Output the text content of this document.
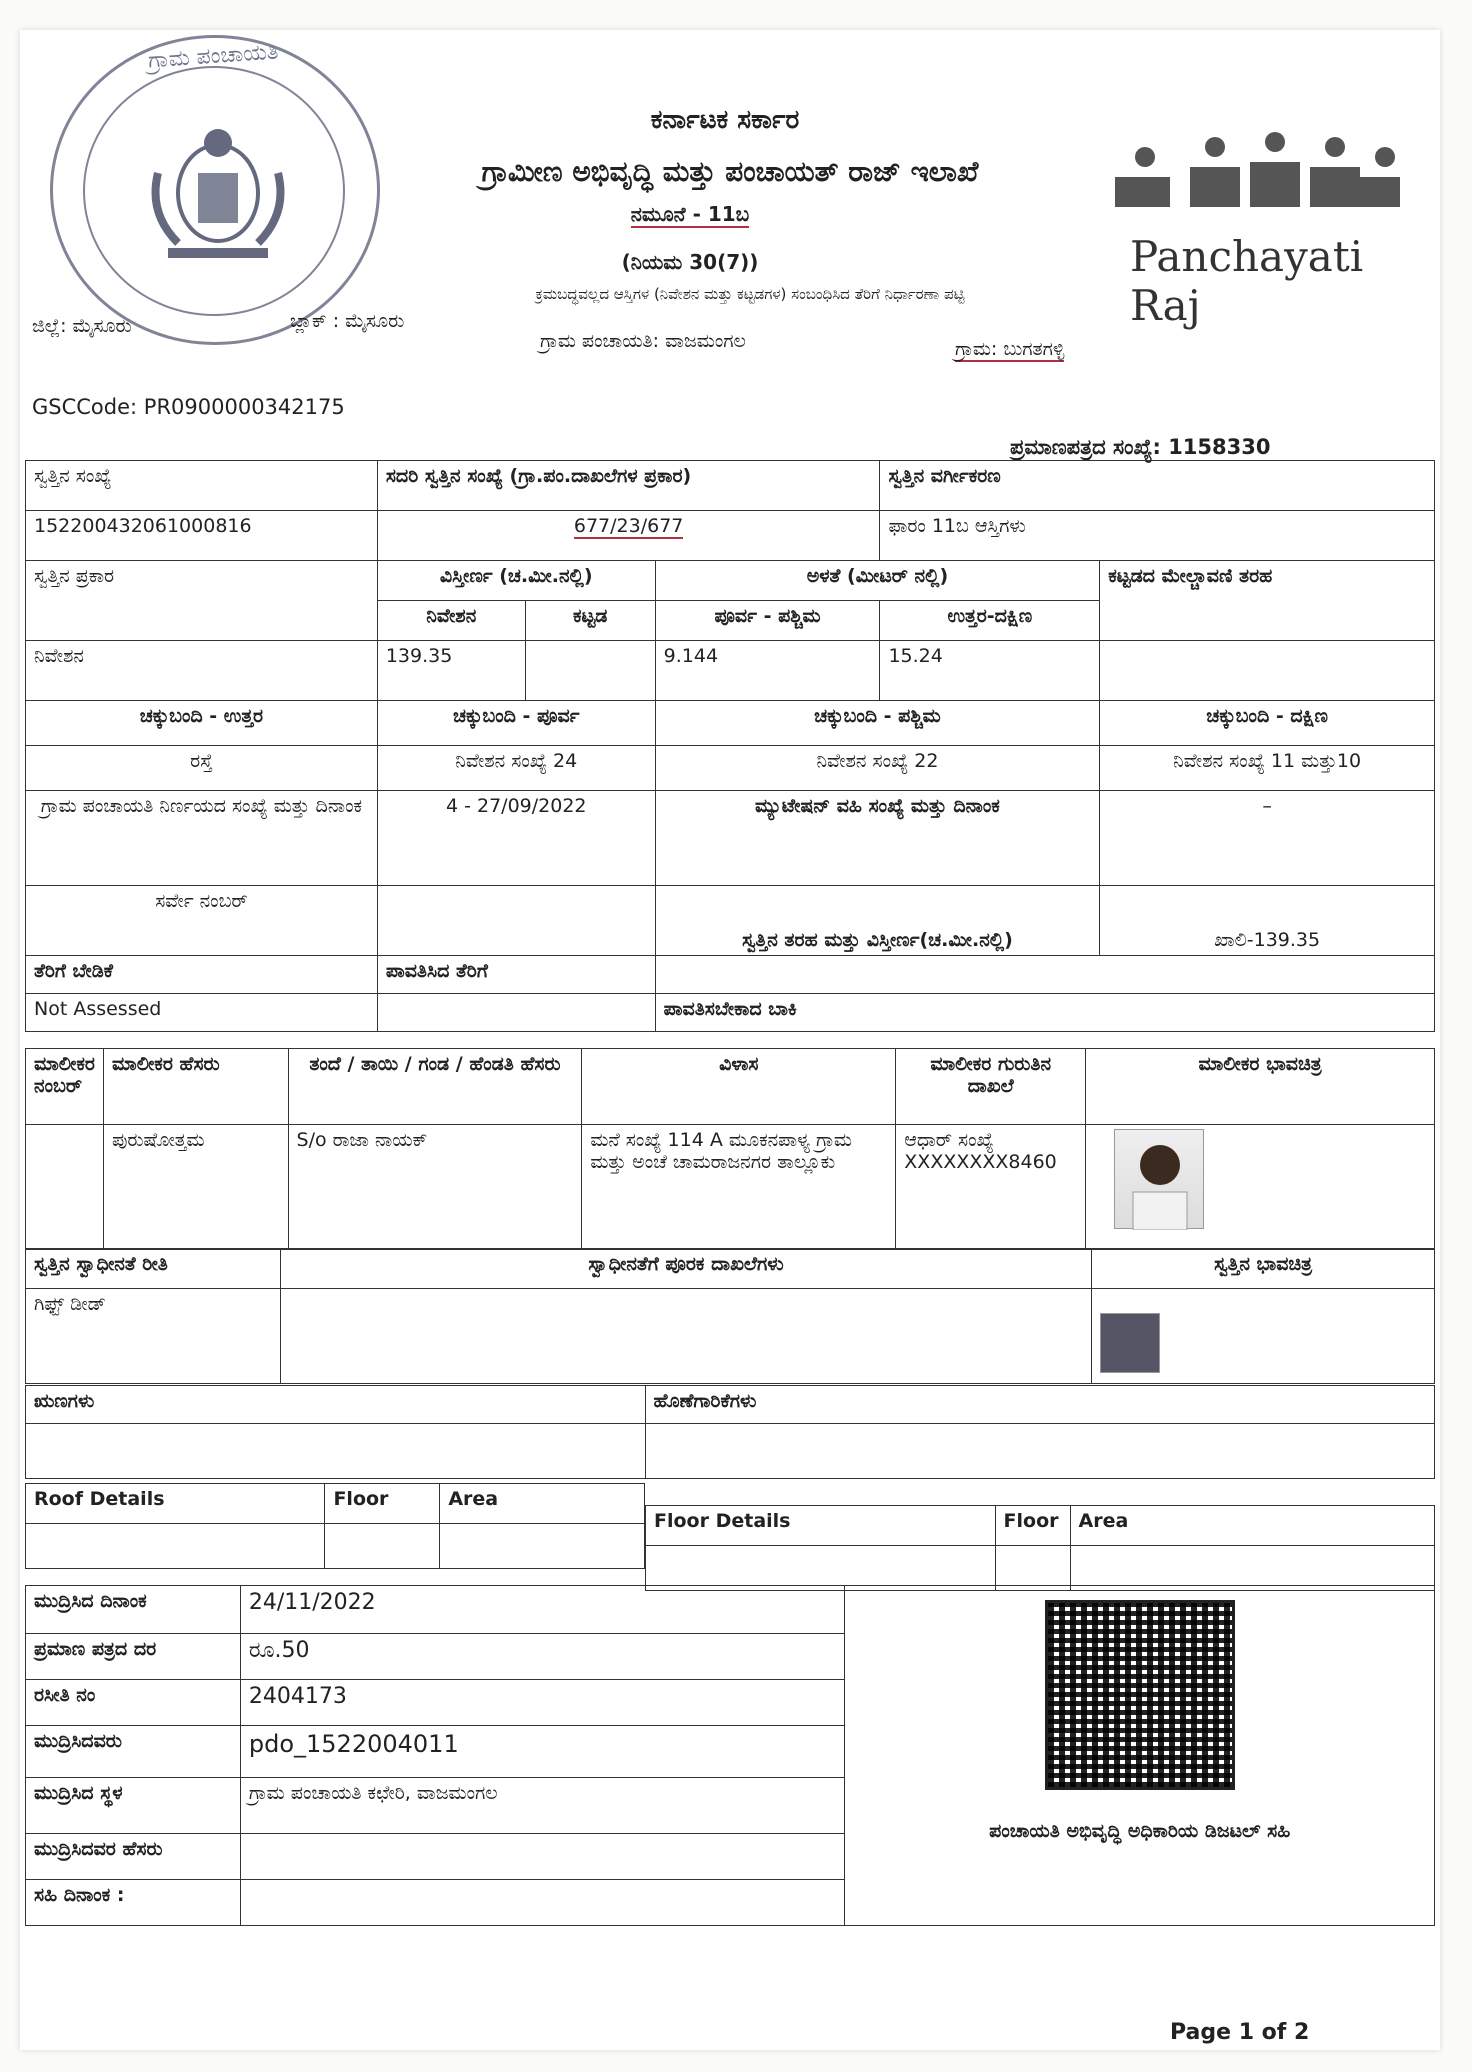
ಗ್ರಾಮ ಪಂಚಾಯತಿ
ಕರ್ನಾಟಕ ಸರ್ಕಾರ
ಗ್ರಾಮೀಣ ಅಭಿವೃದ್ಧಿ ಮತ್ತು ಪಂಚಾಯತ್ ರಾಜ್ ಇಲಾಖೆ
ನಮೂನೆ - 11ಬ
(ನಿಯಮ 30(7))
ಕ್ರಮಬದ್ಧವಲ್ಲದ ಆಸ್ತಿಗಳ (ನಿವೇಶನ ಮತ್ತು ಕಟ್ಟಡಗಳ) ಸಂಬಂಧಿಸಿದ ತೆರಿಗೆ ನಿರ್ಧಾರಣಾ ಪಟ್ಟಿ
Panchayati Raj
ಜಿಲ್ಲೆ: ಮೈಸೂರು	ಬ್ಲಾಕ್ : ಮೈಸೂರು
ಗ್ರಾಮ ಪಂಚಾಯತಿ: ವಾಜಮಂಗಲ	ಗ್ರಾಮ: ಬುಗತಗಳ್ಳಿ
GSCCode: PR0900000342175
ಪ್ರಮಾಣಪತ್ರದ ಸಂಖ್ಯೆ: 1158330
ಸ್ವತ್ತಿನ ಸಂಖ್ಯೆ	ಸದರಿ ಸ್ವತ್ತಿನ ಸಂಖ್ಯೆ (ಗ್ರಾ.ಪಂ.ದಾಖಲೆಗಳ ಪ್ರಕಾರ)			ಸ್ವತ್ತಿನ ವರ್ಗೀಕರಣ	
152200432061000816	677/23/677			ಫಾರಂ 11ಬ ಆಸ್ತಿಗಳು	
ಸ್ವತ್ತಿನ ಪ್ರಕಾರ	ವಿಸ್ತೀರ್ಣ (ಚ.ಮೀ.ನಲ್ಲಿ)		ಅಳತೆ (ಮೀಟರ್ ನಲ್ಲಿ)		ಕಟ್ಟಡದ ಮೇಲ್ಚಾವಣಿ ತರಹ
	ನಿವೇಶನ	ಕಟ್ಟಡ	ಪೂರ್ವ - ಪಶ್ಚಿಮ	ಉತ್ತರ-ದಕ್ಷಿಣ	
ನಿವೇಶನ	139.35		9.144	15.24	
ಚಕ್ಕುಬಂದಿ - ಉತ್ತರ	ಚಕ್ಕುಬಂದಿ - ಪೂರ್ವ		ಚಕ್ಕುಬಂದಿ - ಪಶ್ಚಿಮ		ಚಕ್ಕುಬಂದಿ - ದಕ್ಷಿಣ
ರಸ್ತೆ	ನಿವೇಶನ ಸಂಖ್ಯೆ 24		ನಿವೇಶನ ಸಂಖ್ಯೆ 22		ನಿವೇಶನ ಸಂಖ್ಯೆ 11 ಮತ್ತು10
ಗ್ರಾಮ ಪಂಚಾಯತಿ ನಿರ್ಣಯದ ಸಂಖ್ಯೆ ಮತ್ತು ದಿನಾಂಕ	4 - 27/09/2022		ಮ್ಯುಟೇಷನ್ ವಹಿ ಸಂಖ್ಯೆ ಮತ್ತು ದಿನಾಂಕ		–
ಸರ್ವೇ ನಂಬರ್			ಸ್ವತ್ತಿನ ತರಹ ಮತ್ತು ವಿಸ್ತೀರ್ಣ(ಚ.ಮೀ.ನಲ್ಲಿ)		ಖಾಲಿ-139.35
ತೆರಿಗೆ ಬೇಡಿಕೆ	ಪಾವತಿಸಿದ ತೆರಿಗೆ				
Not Assessed			ಪಾವತಿಸಬೇಕಾದ ಬಾಕಿ		
ಮಾಲೀಕರ ನಂಬರ್	ಮಾಲೀಕರ ಹೆಸರು	ತಂದೆ / ತಾಯಿ / ಗಂಡ / ಹೆಂಡತಿ ಹೆಸರು	ವಿಳಾಸ	ಮಾಲೀಕರ ಗುರುತಿನ ದಾಖಲೆ	ಮಾಲೀಕರ ಭಾವಚಿತ್ರ
	ಪುರುಷೋತ್ತಮ	S/o ರಾಜಾ ನಾಯಕ್	ಮನೆ ಸಂಖ್ಯೆ 114 A ಮೂಕನಪಾಳ್ಯ ಗ್ರಾಮ ಮತ್ತು ಅಂಚೆ ಚಾಮರಾಜನಗರ ತಾಲ್ಲೂಕು	ಆಧಾರ್ ಸಂಖ್ಯೆ XXXXXXXX8460	
ಸ್ವತ್ತಿನ ಸ್ವಾಧೀನತೆ ರೀತಿ	ಸ್ವಾಧೀನತೆಗೆ ಪೂರಕ ದಾಖಲೆಗಳು	ಸ್ವತ್ತಿನ ಭಾವಚಿತ್ರ
ಗಿಫ್ಟ್ ಡೀಡ್		
ಋಣಗಳು	ಹೊಣೆಗಾರಿಕೆಗಳು

Roof Details	Floor	Area

Floor Details	Floor	Area

ಮುದ್ರಿಸಿದ ದಿನಾಂಕ	24/11/2022	ಪಂಚಾಯತಿ ಅಭಿವೃದ್ಧಿ ಅಧಿಕಾರಿಯ ಡಿಜಟಲ್ ಸಹಿ

ಪ್ರಮಾಣ ಪತ್ರದ ದರ	ರೂ.50	
ರಸೀತಿ ನಂ	2404173	
ಮುದ್ರಿಸಿದವರು	pdo_1522004011	
ಮುದ್ರಿಸಿದ ಸ್ಥಳ	ಗ್ರಾಮ ಪಂಚಾಯತಿ ಕಛೇರಿ, ವಾಜಮಂಗಲ	
ಮುದ್ರಿಸಿದವರ ಹೆಸರು		
ಸಹಿ ದಿನಾಂಕ :		
Page 1 of 2
